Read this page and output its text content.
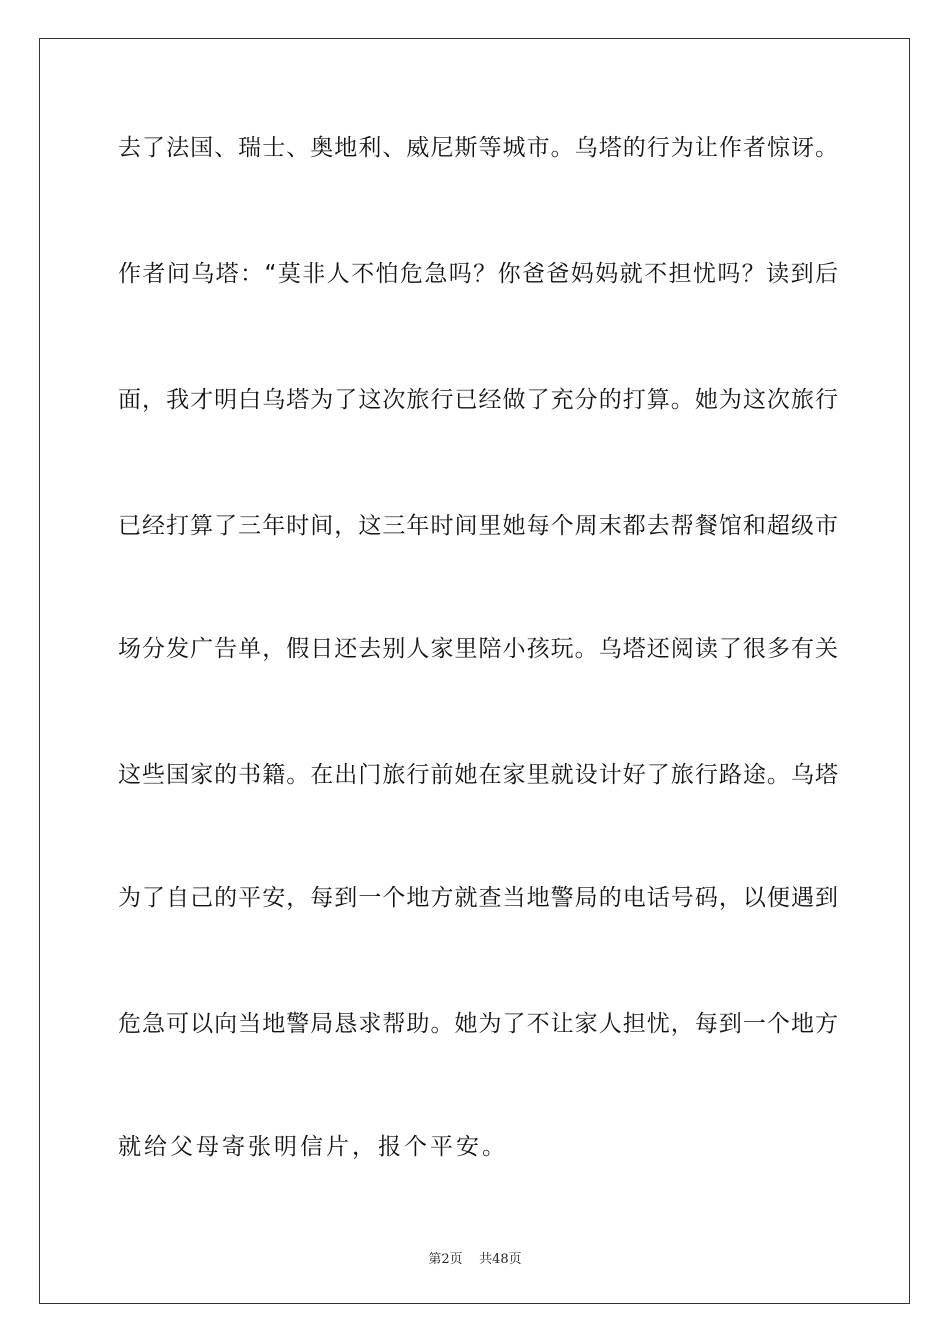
去了法国、瑞士、奥地利、威尼斯等城市。乌塔的行为让作者惊讶。
作者问乌塔：“莫非人不怕危急吗？你爸爸妈妈就不担忧吗？读到后
面，我才明白乌塔为了这次旅行已经做了充分的打算。她为这次旅行
已经打算了三年时间，这三年时间里她每个周末都去帮餐馆和超级市
场分发广告单，假日还去别人家里陪小孩玩。乌塔还阅读了很多有关
这些国家的书籍。在出门旅行前她在家里就设计好了旅行路途。乌塔
为了自己的平安，每到一个地方就查当地警局的电话号码，以便遇到
危急可以向当地警局恳求帮助。她为了不让家人担忧，每到一个地方
就给父母寄张明信片，报个平安。
第2页 共48页
